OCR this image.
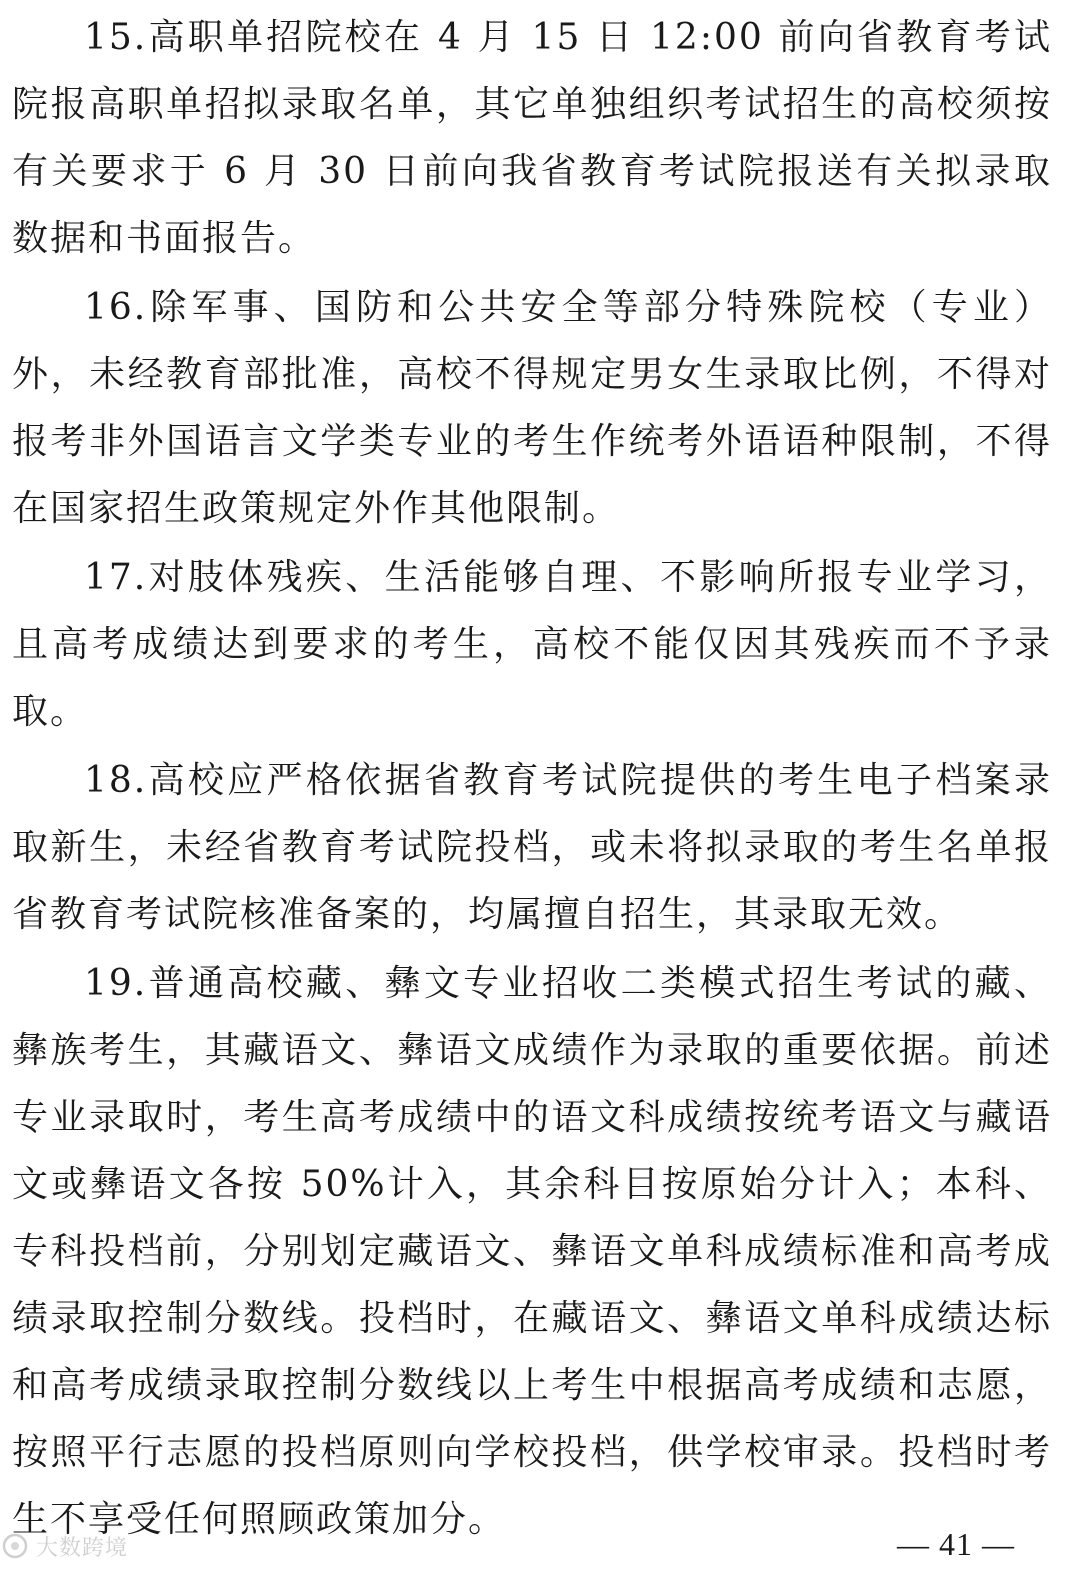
15.高职单招院校在 4 月 15 日 12:00 前向省教育考试院报高职单招拟录取名单，其它单独组织考试招生的高校须按有关要求于 6 月 30 日前向我省教育考试院报送有关拟录取数据和书面报告。

16.除军事、国防和公共安全等部分特殊院校（专业）外，未经教育部批准，高校不得规定男女生录取比例，不得对报考非外国语言文学类专业的考生作统考外语语种限制，不得在国家招生政策规定外作其他限制。

17.对肢体残疾、生活能够自理、不影响所报专业学习，且高考成绩达到要求的考生，高校不能仅因其残疾而不予录取。

18.高校应严格依据省教育考试院提供的考生电子档案录取新生，未经省教育考试院投档，或未将拟录取的考生名单报省教育考试院核准备案的，均属擅自招生，其录取无效。

19.普通高校藏、彝文专业招收二类模式招生考试的藏、彝族考生，其藏语文、彝语文成绩作为录取的重要依据。前述专业录取时，考生高考成绩中的语文科成绩按统考语文与藏语文或彝语文各按 50%计入，其余科目按原始分计入；本科、专科投档前，分别划定藏语文、彝语文单科成绩标准和高考成绩录取控制分数线。投档时，在藏语文、彝语文单科成绩达标和高考成绩录取控制分数线以上考生中根据高考成绩和志愿，按照平行志愿的投档原则向学校投档，供学校审录。投档时考生不享受任何照顾政策加分。

大数跨境	— 41 —
